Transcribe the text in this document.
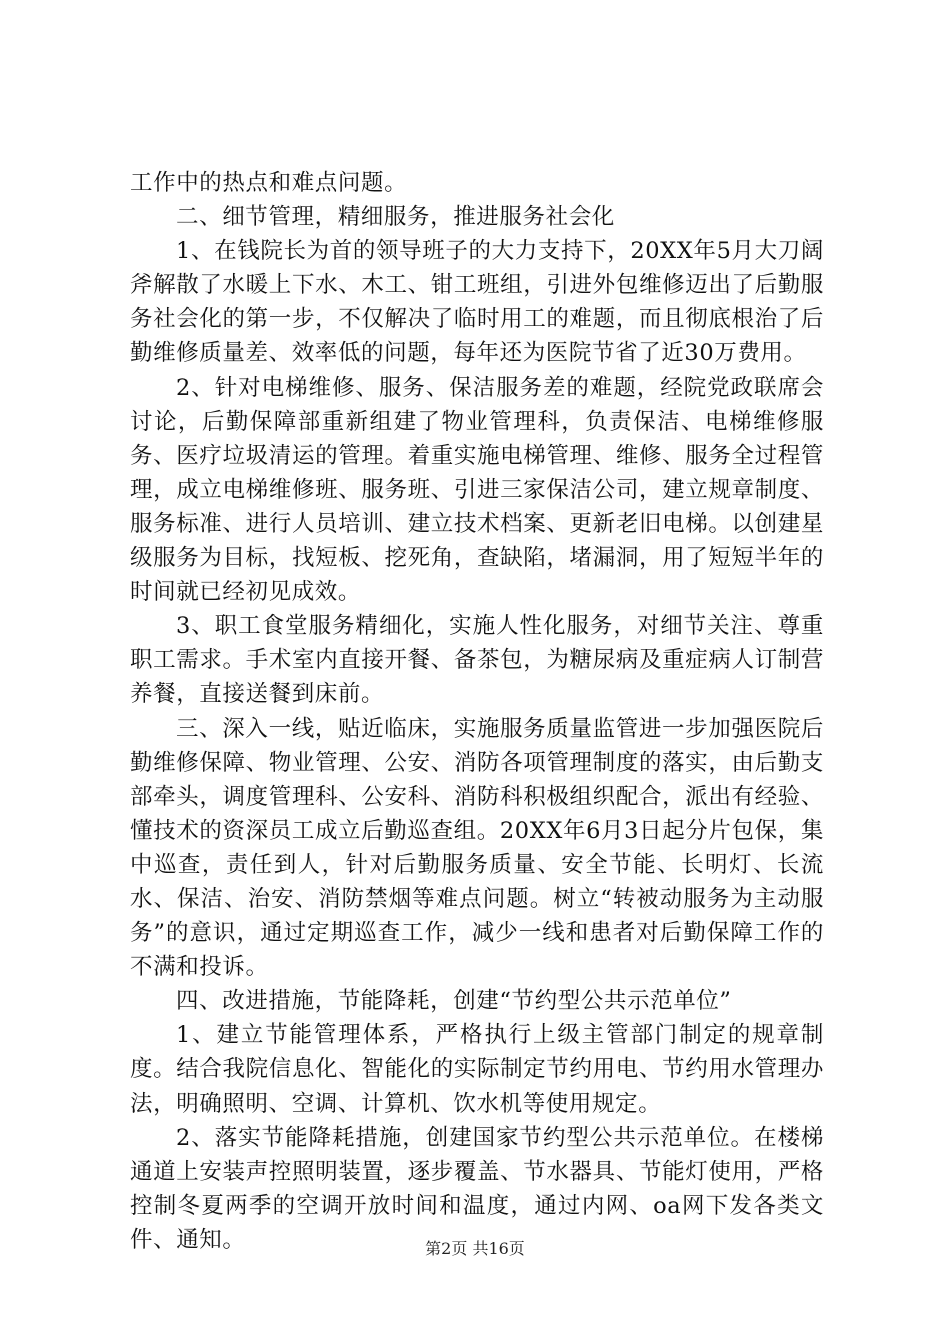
工作中的热点和难点问题。

二、细节管理，精细服务，推进服务社会化

1、在钱院长为首的领导班子的大力支持下，20XX年5月大刀阔斧解散了水暖上下水、木工、钳工班组，引进外包维修迈出了后勤服务社会化的第一步，不仅解决了临时用工的难题，而且彻底根治了后勤维修质量差、效率低的问题，每年还为医院节省了近30万费用。

2、针对电梯维修、服务、保洁服务差的难题，经院党政联席会讨论，后勤保障部重新组建了物业管理科，负责保洁、电梯维修服务、医疗垃圾清运的管理。着重实施电梯管理、维修、服务全过程管理，成立电梯维修班、服务班、引进三家保洁公司，建立规章制度、服务标准、进行人员培训、建立技术档案、更新老旧电梯。以创建星级服务为目标，找短板、挖死角，查缺陷，堵漏洞，用了短短半年的时间就已经初见成效。

3、职工食堂服务精细化，实施人性化服务，对细节关注、尊重职工需求。手术室内直接开餐、备茶包，为糖尿病及重症病人订制营养餐，直接送餐到床前。

三、深入一线，贴近临床，实施服务质量监管进一步加强医院后勤维修保障、物业管理、公安、消防各项管理制度的落实，由后勤支部牵头，调度管理科、公安科、消防科积极组织配合，派出有经验、懂技术的资深员工成立后勤巡查组。20XX年6月3日起分片包保，集中巡查，责任到人，针对后勤服务质量、安全节能、长明灯、长流水、保洁、治安、消防禁烟等难点问题。树立“转被动服务为主动服务”的意识，通过定期巡查工作，减少一线和患者对后勤保障工作的不满和投诉。

四、改进措施，节能降耗，创建“节约型公共示范单位”

1、建立节能管理体系，严格执行上级主管部门制定的规章制度。结合我院信息化、智能化的实际制定节约用电、节约用水管理办法，明确照明、空调、计算机、饮水机等使用规定。

2、落实节能降耗措施，创建国家节约型公共示范单位。在楼梯通道上安装声控照明装置，逐步覆盖、节水器具、节能灯使用，严格控制冬夏两季的空调开放时间和温度，通过内网、oa网下发各类文件、通知。	第2页 共16页
